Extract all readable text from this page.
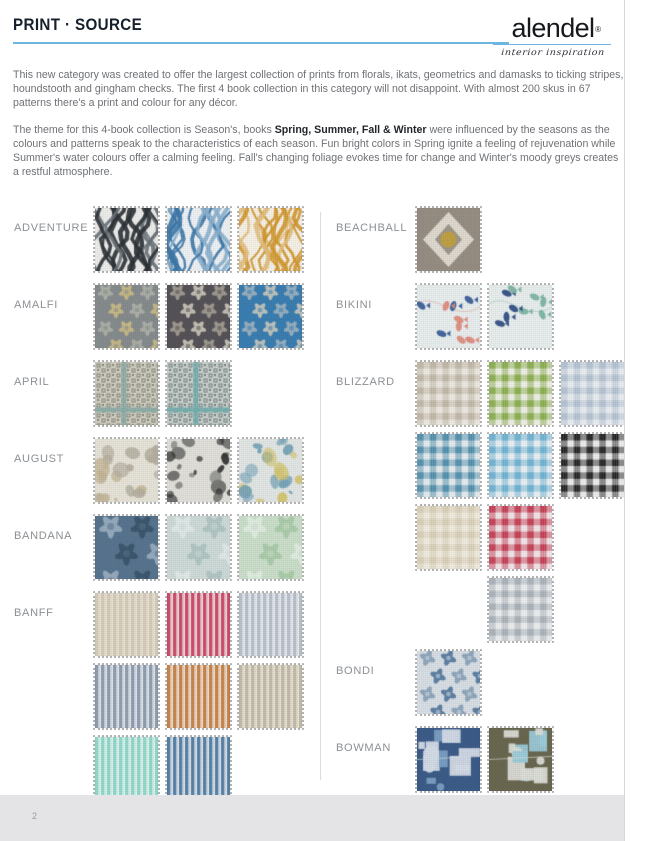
PRINT · SOURCE	alendel ®
interior inspiration

This new category was created to offer the largest collection of prints from florals, ikats, geometrics and damasks to ticking stripes, houndstooth and gingham checks. The first 4 book collection in this category will not disappoint. With almost 200 skus in 67 patterns there's a print and colour for any décor.

The theme for this 4-book collection is Season's, books Spring, Summer, Fall & Winter were influenced by the seasons as the colours and patterns speak to the characteristics of each season. Fun bright colors in Spring ignite a feeling of rejuvenation while Summer's water colours offer a calming feeling. Fall's changing foliage evokes time for change and Winter's moody greys creates a restful atmosphere.

ADVENTURE
AMALFI
APRIL
AUGUST
BANDANA
BANFF
BEACHBALL
BIKINI
BLIZZARD
BONDI
BOWMAN
2
